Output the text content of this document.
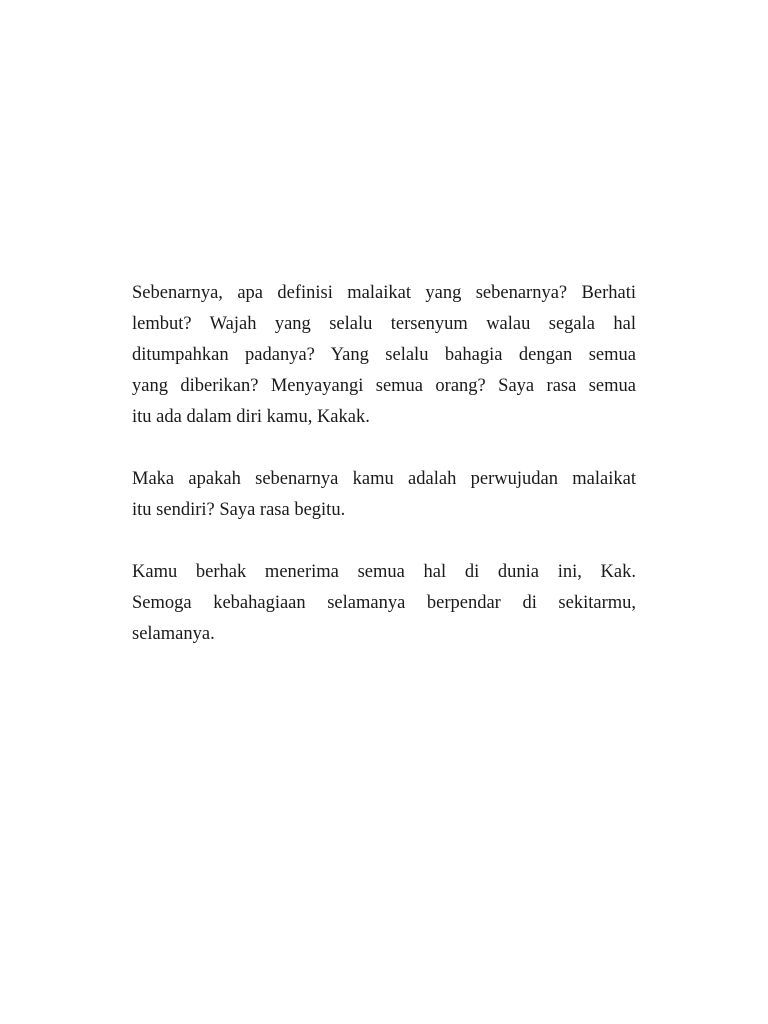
Sebenarnya, apa definisi malaikat yang sebenarnya? Berhati
lembut? Wajah yang selalu tersenyum walau segala hal
ditumpahkan padanya? Yang selalu bahagia dengan semua
yang diberikan? Menyayangi semua orang? Saya rasa semua
itu ada dalam diri kamu, Kakak.

Maka apakah sebenarnya kamu adalah perwujudan malaikat
itu sendiri? Saya rasa begitu.

Kamu berhak menerima semua hal di dunia ini, Kak.
Semoga kebahagiaan selamanya berpendar di sekitarmu,
selamanya.
